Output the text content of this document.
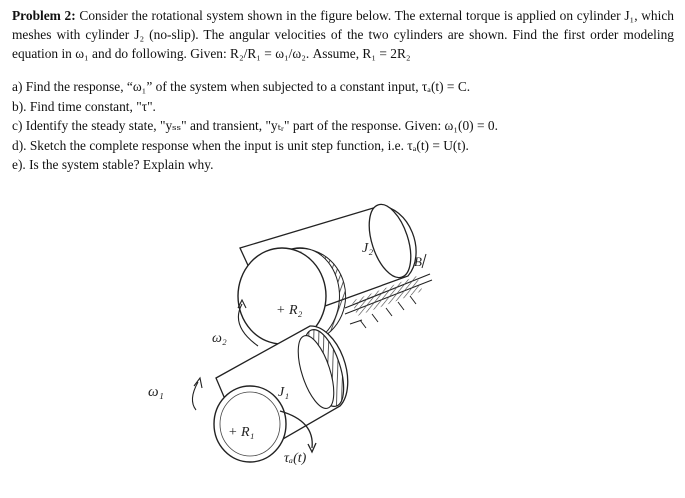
Problem 2: Consider the rotational system shown in the figure below. The external torque is applied on cylinder J₁, which meshes with cylinder J₂ (no-slip). The angular velocities of the two cylinders are shown. Find the first order modeling equation in ω₁ and do following. Given: R₂/R₁ = ω₁/ω₂. Assume, R₁ = 2R₂
a) Find the response, “ω₁” of the system when subjected to a constant input, τₐ(t) = C.
b). Find time constant, "τ".
c) Identify the steady state, "yₛₛ" and transient, "yₜᵣ" part of the response. Given: ω₁(0) = 0.
d). Sketch the complete response when the input is unit step function, i.e. τₐ(t) = U(t).
e). Is the system stable? Explain why.
J₂
B
+ R₂
ω₂
J₁
ω₁
+ R₁
τₐ(t)
